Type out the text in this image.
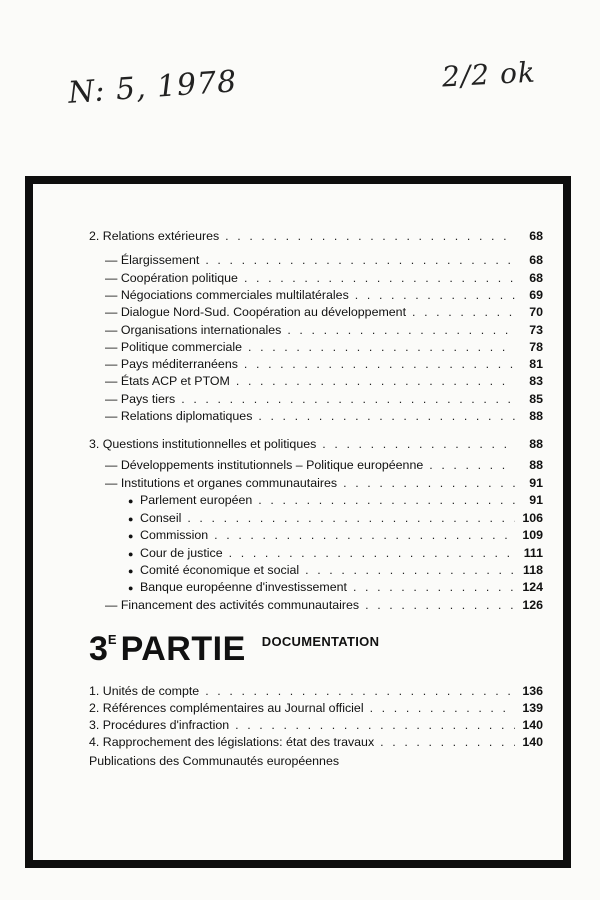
N: 5, 1978	2/2 ok
2. Relations extérieures . . .	68
— Élargissement . . .	68
— Coopération politique . . .	68
— Négociations commerciales multilatérales . . .	69
— Dialogue Nord-Sud. Coopération au développement . . .	70
— Organisations internationales . . .	73
— Politique commerciale . . .	78
— Pays méditerranéens . . .	81
— États ACP et PTOM . . .	83
— Pays tiers . . .	85
— Relations diplomatiques . . .	88
3. Questions institutionnelles et politiques . . .	88
— Développements institutionnels – Politique européenne . . .	88
— Institutions et organes communautaires . . .	91
● Parlement européen . . .	91
● Conseil . . .	106
● Commission . . .	109
● Cour de justice . . .	111
● Comité économique et social . . .	118
● Banque européenne d'investissement . . .	124
— Financement des activités communautaires . . .	126
3 E PARTIE DOCUMENTATION
1. Unités de compte . . .	136
2. Références complémentaires au Journal officiel . . .	139
3. Procédures d'infraction . . .	140
4. Rapprochement des législations: état des travaux . . .	140
Publications des Communautés européennes
